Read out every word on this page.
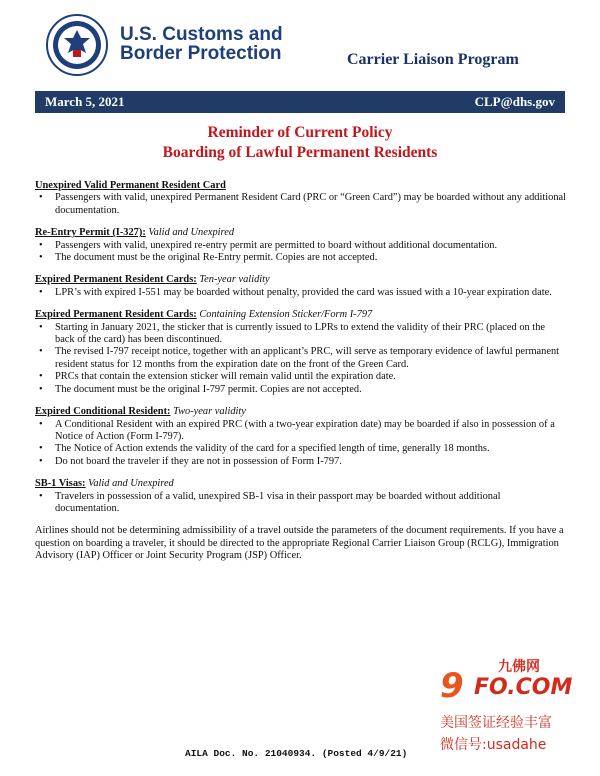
U.S. Customs and
Border Protection	Carrier Liaison Program
March 5, 2021	CLP@dhs.gov
Reminder of Current Policy
Boarding of Lawful Permanent Residents

Unexpired Valid Permanent Resident Card

• Passengers with valid, unexpired Permanent Resident Card (PRC or “Green Card”) may be boarded without any additional documentation.

Re-Entry Permit (I-327): Valid and Unexpired

• Passengers with valid, unexpired re-entry permit are permitted to board without additional documentation.
• The document must be the original Re-Entry permit. Copies are not accepted.

Expired Permanent Resident Cards: Ten-year validity

• LPR’s with expired I-551 may be boarded without penalty, provided the card was issued with a 10-year expiration date.

Expired Permanent Resident Cards: Containing Extension Sticker/Form I-797

• Starting in January 2021, the sticker that is currently issued to LPRs to extend the validity of their PRC (placed on the back of the card) has been discontinued.
• The revised I-797 receipt notice, together with an applicant’s PRC, will serve as temporary evidence of lawful permanent resident status for 12 months from the expiration date on the front of the Green Card.
• PRCs that contain the extension sticker will remain valid until the expiration date.
• The document must be the original I-797 permit. Copies are not accepted.

Expired Conditional Resident: Two-year validity

• A Conditional Resident with an expired PRC (with a two-year expiration date) may be boarded if also in possession of a Notice of Action (Form I-797).
• The Notice of Action extends the validity of the card for a specified length of time, generally 18 months.
• Do not board the traveler if they are not in possession of Form I-797.

SB-1 Visas: Valid and Unexpired

• Travelers in possession of a valid, unexpired SB-1 visa in their passport may be boarded without additional documentation.

Airlines should not be determining admissibility of a travel outside the parameters of the document requirements. If you have a question on boarding a traveler, it should be directed to the appropriate Regional Carrier Liaison Group (RCLG), Immigration Advisory (IAP) Officer or Joint Security Program (JSP) Officer.

九佛网
9 FO.COM
美国签证经验丰富
微信号:usadahe
AILA Doc. No. 21040934. (Posted 4/9/21)
